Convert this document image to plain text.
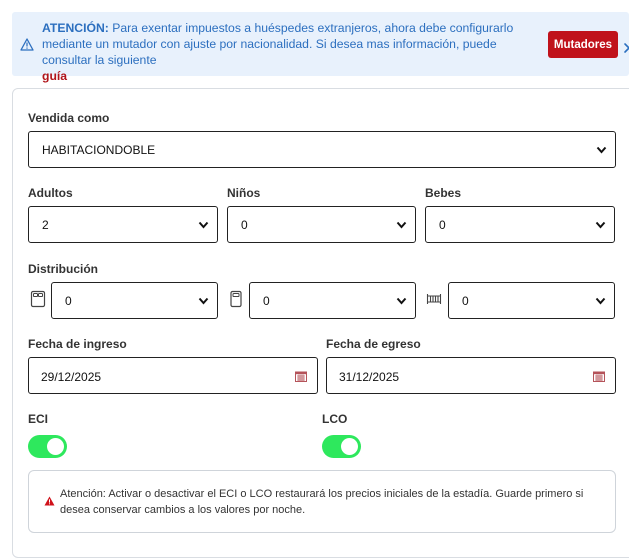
ATENCIÓN: Para exentar impuestos a huéspedes extranjeros, ahora debe configurarlo mediante un mutador con ajuste por nacionalidad. Si desea mas información, puede consultar la siguiente
guía
Mutadores
Vendida como
HABITACIONDOBLE
Adultos	Niños	Bebes
2	0	0
Distribución
0	0	0
Fecha de ingreso	Fecha de egreso
29/12/2025	31/12/2025
ECI	LCO
Atención: Activar o desactivar el ECI o LCO restaurará los precios iniciales de la estadía. Guarde primero si desea conservar cambios a los valores por noche.
